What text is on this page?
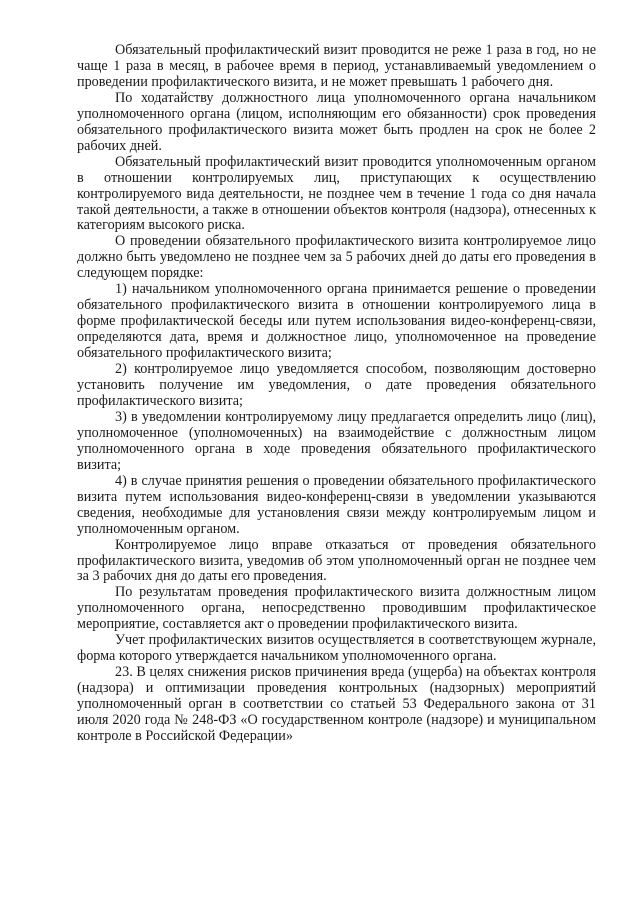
Обязательный профилактический визит проводится не реже 1 раза в год, но не чаще 1 раза в месяц, в рабочее время в период, устанавливаемый уведомлением о проведении профилактического визита, и не может превышать 1 рабочего дня.

По ходатайству должностного лица уполномоченного органа начальником уполномоченного органа (лицом, исполняющим его обязанности) срок проведения обязательного профилактического визита может быть продлен на срок не более 2 рабочих дней.

Обязательный профилактический визит проводится уполномоченным органом в отношении контролируемых лиц, приступающих к осуществлению контролируемого вида деятельности, не позднее чем в течение 1 года со дня начала такой деятельности, а также в отношении объектов контроля (надзора), отнесенных к категориям высокого риска.

О проведении обязательного профилактического визита контролируемое лицо должно быть уведомлено не позднее чем за 5 рабочих дней до даты его проведения в следующем порядке:

1) начальником уполномоченного органа принимается решение о проведении обязательного профилактического визита в отношении контролируемого лица в форме профилактической беседы или путем использования видео-конференц-связи, определяются дата, время и должностное лицо, уполномоченное на проведение обязательного профилактического визита;

2) контролируемое лицо уведомляется способом, позволяющим достоверно установить получение им уведомления, о дате проведения обязательного профилактического визита;

3) в уведомлении контролируемому лицу предлагается определить лицо (лиц), уполномоченное (уполномоченных) на взаимодействие с должностным лицом уполномоченного органа в ходе проведения обязательного профилактического визита;

4) в случае принятия решения о проведении обязательного профилактического визита путем использования видео-конференц-связи в уведомлении указываются сведения, необходимые для установления связи между контролируемым лицом и уполномоченным органом.

Контролируемое лицо вправе отказаться от проведения обязательного профилактического визита, уведомив об этом уполномоченный орган не позднее чем за 3 рабочих дня до даты его проведения.

По результатам проведения профилактического визита должностным лицом уполномоченного органа, непосредственно проводившим профилактическое мероприятие, составляется акт о проведении профилактического визита.

Учет профилактических визитов осуществляется в соответствующем журнале, форма которого утверждается начальником уполномоченного органа.

23. В целях снижения рисков причинения вреда (ущерба) на объектах контроля (надзора) и оптимизации проведения контрольных (надзорных) мероприятий уполномоченный орган в соответствии со статьей 53 Федерального закона от 31 июля 2020 года № 248-ФЗ «О государственном контроле (надзоре) и муниципальном контроле в Российской Федерации»
